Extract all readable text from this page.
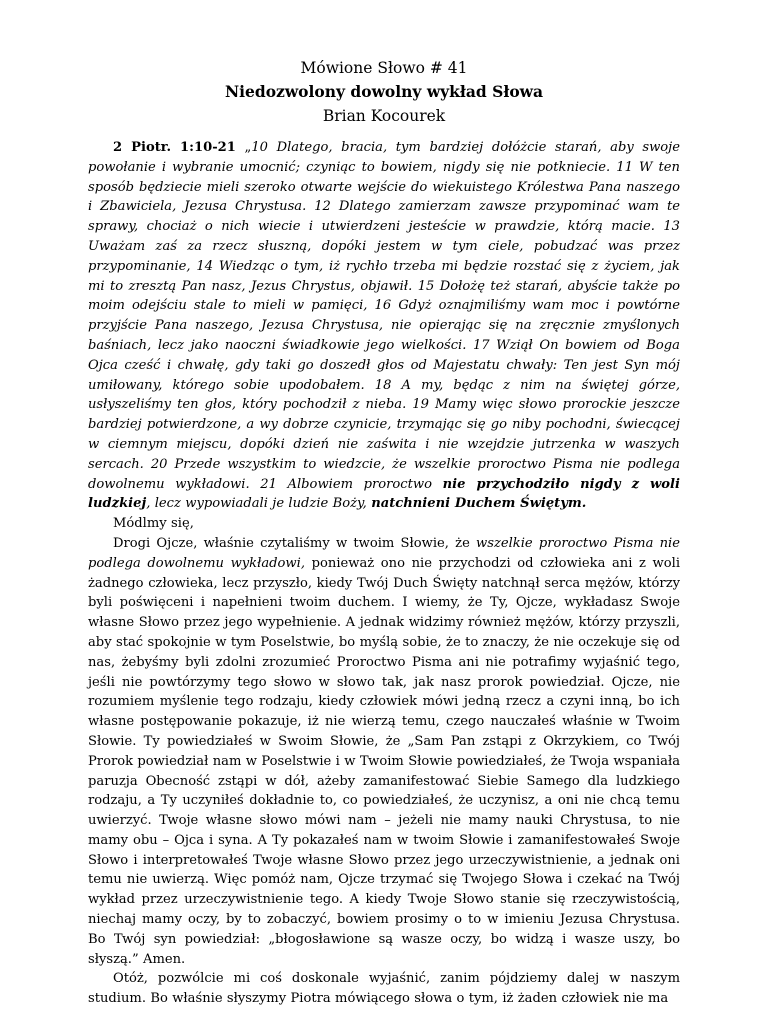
Mówione Słowo # 41
Niedozwolony dowolny wykład Słowa
Brian Kocourek

2 Piotr. 1:10-21 „10 Dlatego, bracia, tym bardziej dołóżcie starań, aby swoje powołanie i wybranie umocnić; czyniąc to bowiem, nigdy się nie potkniecie. 11 W ten sposób będziecie mieli szeroko otwarte wejście do wiekuistego Królestwa Pana naszego i Zbawiciela, Jezusa Chrystusa. 12 Dlatego zamierzam zawsze przypominać wam te sprawy, chociaż o nich wiecie i utwierdzeni jesteście w prawdzie, którą macie. 13 Uważam zaś za rzecz słuszną, dopóki jestem w tym ciele, pobudzać was przez przypominanie, 14 Wiedząc o tym, iż rychło trzeba mi będzie rozstać się z życiem, jak mi to zresztą Pan nasz, Jezus Chrystus, objawił. 15 Dołożę też starań, abyście także po moim odejściu stale to mieli w pamięci, 16 Gdyż oznajmiliśmy wam moc i powtórne przyjście Pana naszego, Jezusa Chrystusa, nie opierając się na zręcznie zmyślonych baśniach, lecz jako naoczni świadkowie jego wielkości. 17 Wziął On bowiem od Boga Ojca cześć i chwałę, gdy taki go doszedł głos od Majestatu chwały: Ten jest Syn mój umiłowany, którego sobie upodobałem. 18 A my, będąc z nim na świętej górze, usłyszeliśmy ten głos, który pochodził z nieba. 19 Mamy więc słowo prorockie jeszcze bardziej potwierdzone, a wy dobrze czynicie, trzymając się go niby pochodni, świecącej w ciemnym miejscu, dopóki dzień nie zaświta i nie wzejdzie jutrzenka w waszych sercach. 20 Przede wszystkim to wiedzcie, że wszelkie proroctwo Pisma nie podlega dowolnemu wykładowi. 21 Albowiem proroctwo nie przychodziło nigdy z woli ludzkiej, lecz wypowiadali je ludzie Boży, natchnieni Duchem Świętym.

Módlmy się,

Drogi Ojcze, właśnie czytaliśmy w twoim Słowie, że wszelkie proroctwo Pisma nie podlega dowolnemu wykładowi, ponieważ ono nie przychodzi od człowieka ani z woli żadnego człowieka, lecz przyszło, kiedy Twój Duch Święty natchnął serca mężów, którzy byli poświęceni i napełnieni twoim duchem. I wiemy, że Ty, Ojcze, wykładasz Swoje własne Słowo przez jego wypełnienie. A jednak widzimy również mężów, którzy przyszli, aby stać spokojnie w tym Poselstwie, bo myślą sobie, że to znaczy, że nie oczekuje się od nas, żebyśmy byli zdolni zrozumieć Proroctwo Pisma ani nie potrafimy wyjaśnić tego, jeśli nie powtórzymy tego słowo w słowo tak, jak nasz prorok powiedział. Ojcze, nie rozumiem myślenie tego rodzaju, kiedy człowiek mówi jedną rzecz a czyni inną, bo ich własne postępowanie pokazuje, iż nie wierzą temu, czego nauczałeś właśnie w Twoim Słowie. Ty powiedziałeś w Swoim Słowie, że „Sam Pan zstąpi z Okrzykiem, co Twój Prorok powiedział nam w Poselstwie i w Twoim Słowie powiedziałeś, że Twoja wspaniała paruzja Obecność zstąpi w dół, ażeby zamanifestować Siebie Samego dla ludzkiego rodzaju, a Ty uczyniłeś dokładnie to, co powiedziałeś, że uczynisz, a oni nie chcą temu uwierzyć. Twoje własne słowo mówi nam – jeżeli nie mamy nauki Chrystusa, to nie mamy obu – Ojca i syna. A Ty pokazałeś nam w twoim Słowie i zamanifestowałeś Swoje Słowo i interpretowałeś Twoje własne Słowo przez jego urzeczywistnienie, a jednak oni temu nie uwierzą. Więc pomóż nam, Ojcze trzymać się Twojego Słowa i czekać na Twój wykład przez urzeczywistnienie tego. A kiedy Twoje Słowo stanie się rzeczywistością, niechaj mamy oczy, by to zobaczyć, bowiem prosimy o to w imieniu Jezusa Chrystusa. Bo Twój syn powiedział: „błogosławione są wasze oczy, bo widzą i wasze uszy, bo słyszą.” Amen.

Otóż, pozwólcie mi coś doskonale wyjaśnić, zanim pójdziemy dalej w naszym studium. Bo właśnie słyszymy Piotra mówiącego słowa o tym, iż żaden człowiek nie ma
